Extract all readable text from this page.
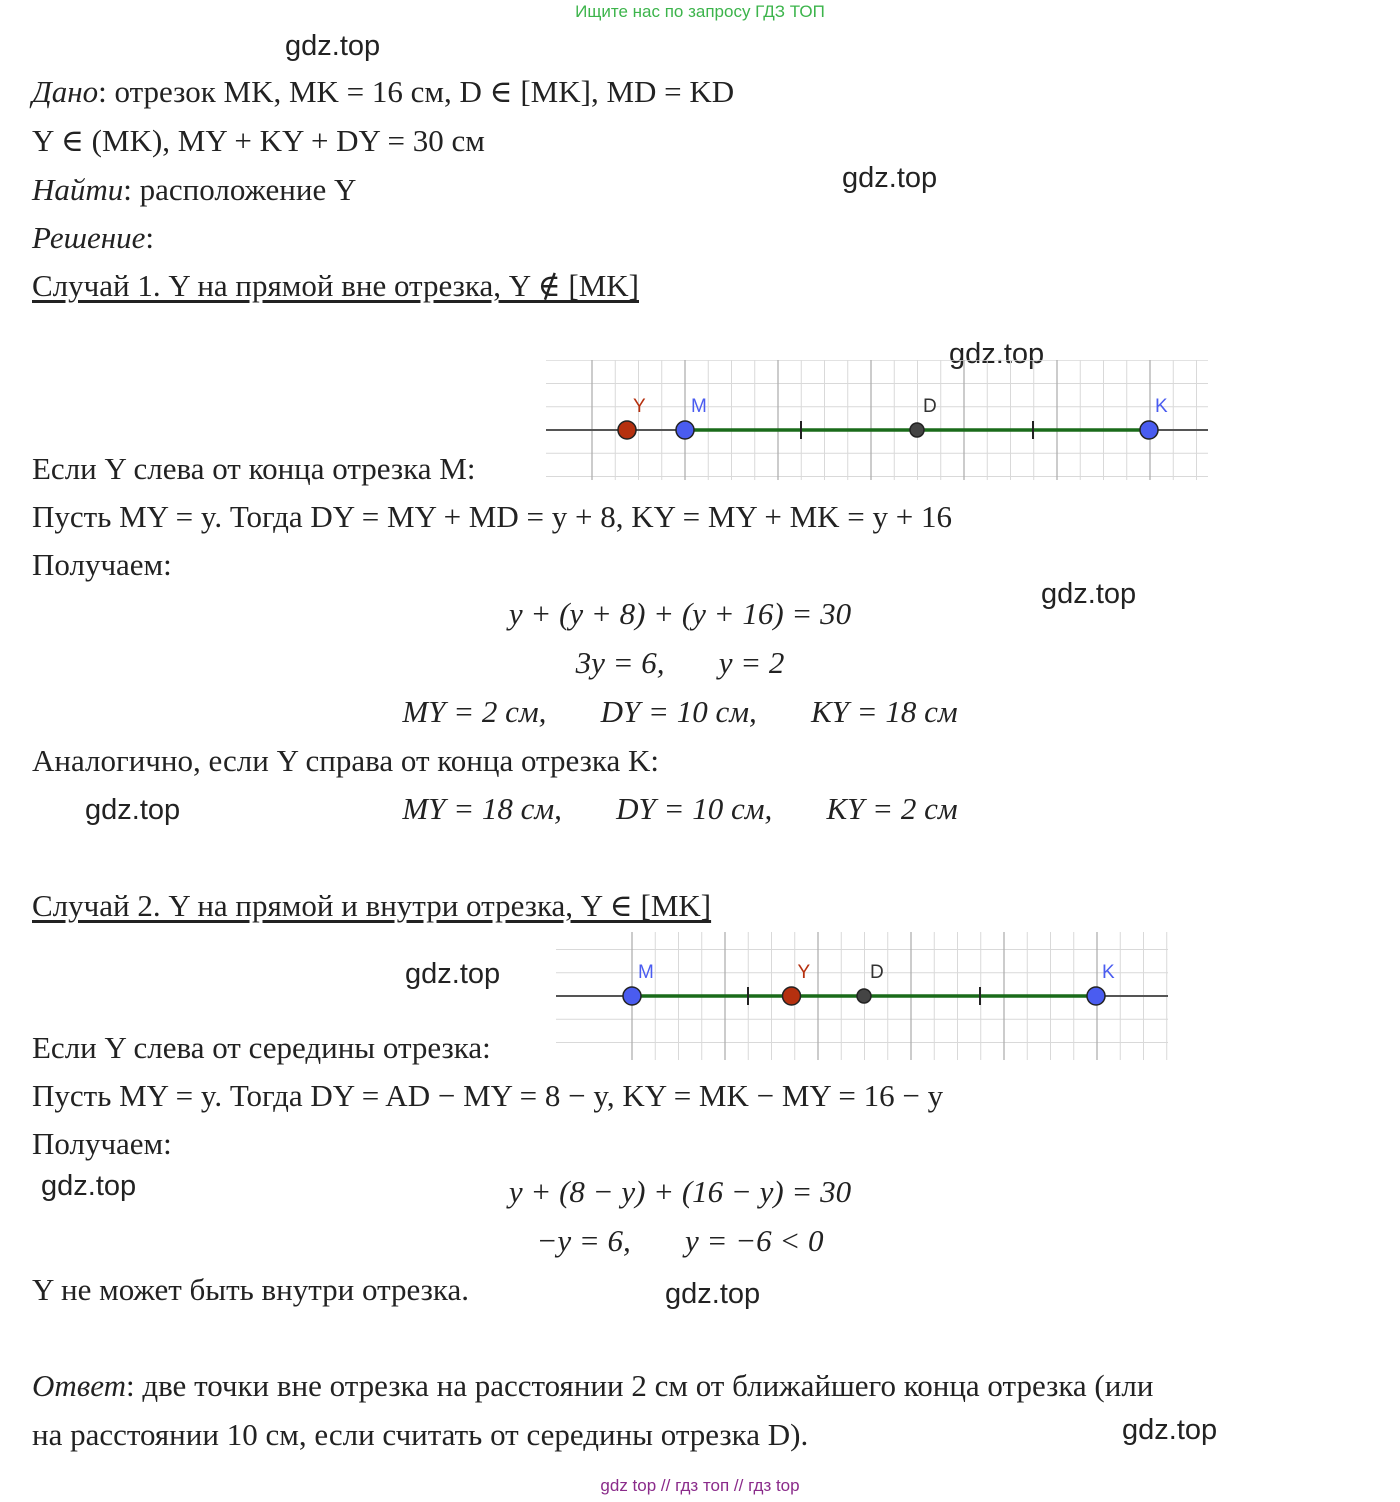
Ищите нас по запросу ГДЗ ТОП
gdz.top
gdz.top
gdz.top
gdz.top
gdz.top
gdz.top
gdz.top
gdz.top
gdz.top
Дано: отрезок MK, MK = 16 см, D ∈ [MK], MD = KD
Y ∈ (MK), MY + KY + DY = 30 см
Найти: расположение Y
Решение:
Случай 1. Y на прямой вне отрезка, Y ∉ [MK]
Y M	D	K
Если Y слева от конца отрезка M:
Пусть MY = y. Тогда DY = MY + MD = y + 8, KY = MY + MK = y + 16
Получаем:
y + (y + 8) + (y + 16) = 30
3y = 6,       y = 2
MY = 2 см,       DY = 10 см,       KY = 18 см
Аналогично, если Y справа от конца отрезка K:
MY = 18 см,       DY = 10 см,       KY = 2 см
Случай 2. Y на прямой и внутри отрезка, Y ∈ [MK]
M	Y	D	K
Если Y слева от середины отрезка:
Пусть MY = y. Тогда DY = AD − MY = 8 − y, KY = MK − MY = 16 − y
Получаем:
y + (8 − y) + (16 − y) = 30
−y = 6,       y = −6 < 0
Y не может быть внутри отрезка.
Ответ: две точки вне отрезка на расстоянии 2 см от ближайшего конца отрезка (или
на расстоянии 10 см, если считать от середины отрезка D).
gdz top // гдз топ // гдз top
